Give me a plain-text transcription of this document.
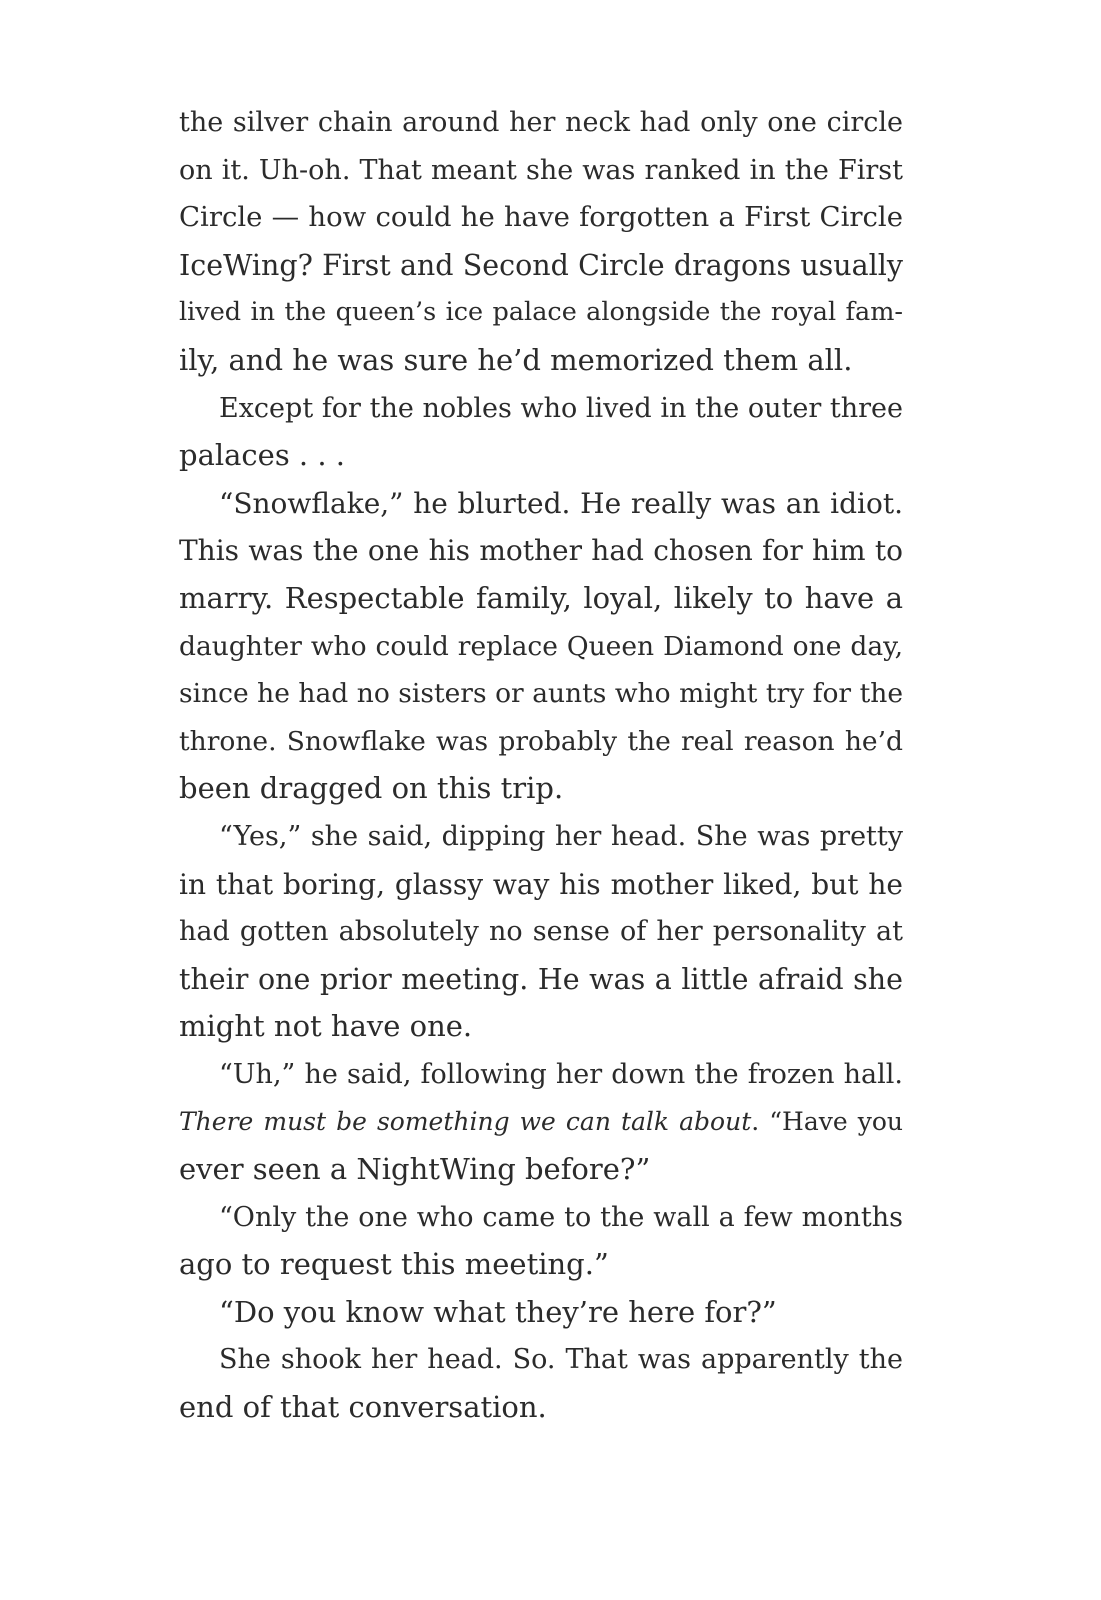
the silver chain around her neck had only one circle
on it. Uh-oh. That meant she was ranked in the First
Circle — how could he have forgotten a First Circle
IceWing? First and Second Circle dragons usually
lived in the queen’s ice palace alongside the royal fam-
ily, and he was sure he’d memorized them all.
Except for the nobles who lived in the outer three
palaces . . .
“Snowflake,” he blurted. He really was an idiot.
This was the one his mother had chosen for him to
marry. Respectable family, loyal, likely to have a
daughter who could replace Queen Diamond one day,
since he had no sisters or aunts who might try for the
throne. Snowflake was probably the real reason he’d
been dragged on this trip.
“Yes,” she said, dipping her head. She was pretty
in that boring, glassy way his mother liked, but he
had gotten absolutely no sense of her personality at
their one prior meeting. He was a little afraid she
might not have one.
“Uh,” he said, following her down the frozen hall.
There must be something we can talk about. “Have you
ever seen a NightWing before?”
“Only the one who came to the wall a few months
ago to request this meeting.”
“Do you know what they’re here for?”
She shook her head. So. That was apparently the
end of that conversation.
